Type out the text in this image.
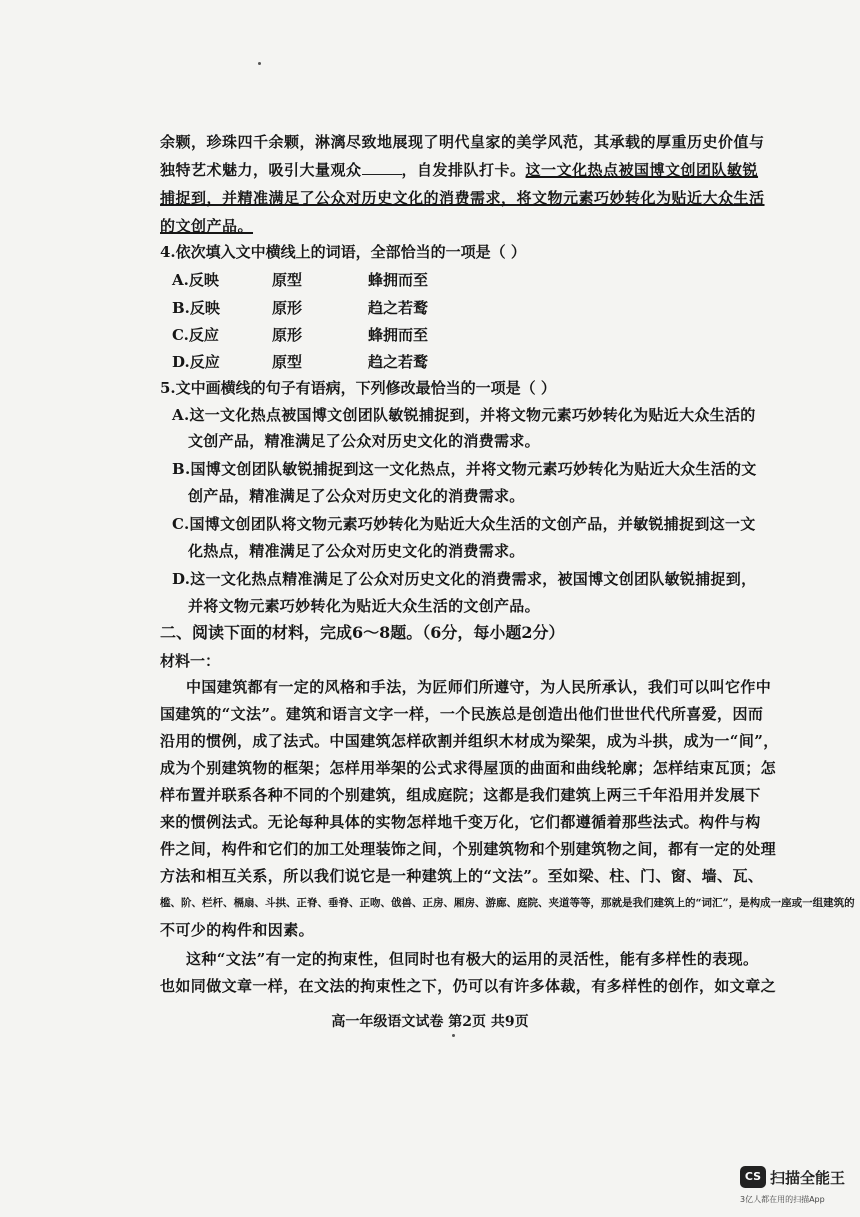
余颗，珍珠四千余颗，淋漓尽致地展现了明代皇家的美学风范，其承载的厚重历史价值与
独特艺术魅力，吸引大量观众	，自发排队打卡。这一文化热点被国博文创团队敏锐
捕捉到，并精准满足了公众对历史文化的消费需求，将文物元素巧妙转化为贴近大众生活
的文创产品。
4.依次填入文中横线上的词语，全部恰当的一项是（ ）
A.反映	原型	蜂拥而至
B.反映	原形	趋之若鹜
C.反应	原形	蜂拥而至
D.反应	原型	趋之若鹜
5.文中画横线的句子有语病，下列修改最恰当的一项是（ ）
A.这一文化热点被国博文创团队敏锐捕捉到，并将文物元素巧妙转化为贴近大众生活的
文创产品，精准满足了公众对历史文化的消费需求。
B.国博文创团队敏锐捕捉到这一文化热点，并将文物元素巧妙转化为贴近大众生活的文
创产品，精准满足了公众对历史文化的消费需求。
C.国博文创团队将文物元素巧妙转化为贴近大众生活的文创产品，并敏锐捕捉到这一文
化热点，精准满足了公众对历史文化的消费需求。
D.这一文化热点精准满足了公众对历史文化的消费需求，被国博文创团队敏锐捕捉到，
并将文物元素巧妙转化为贴近大众生活的文创产品。
二、阅读下面的材料，完成6～8题。（6分，每小题2分）
材料一：
中国建筑都有一定的风格和手法，为匠师们所遵守，为人民所承认，我们可以叫它作中
国建筑的“文法”。建筑和语言文字一样，一个民族总是创造出他们世世代代所喜爱，因而
沿用的惯例，成了法式。中国建筑怎样砍割并组织木材成为梁架，成为斗拱，成为一“间”，
成为个别建筑物的框架；怎样用举架的公式求得屋顶的曲面和曲线轮廓；怎样结束瓦顶；怎
样布置并联系各种不同的个别建筑，组成庭院；这都是我们建筑上两三千年沿用并发展下
来的惯例法式。无论每种具体的实物怎样地千变万化，它们都遵循着那些法式。构件与构
件之间，构件和它们的加工处理装饰之间，个别建筑物和个别建筑物之间，都有一定的处理
方法和相互关系，所以我们说它是一种建筑上的“文法”。至如梁、柱、门、窗、墙、瓦、
槛、阶、栏杆、槅扇、斗拱、正脊、垂脊、正吻、戗兽、正房、厢房、游廊、庭院、夹道等等，那就是我们建筑上的“词汇”，是构成一座或一组建筑的
不可少的构件和因素。
这种“文法”有一定的拘束性，但同时也有极大的运用的灵活性，能有多样性的表现。
也如同做文章一样，在文法的拘束性之下，仍可以有许多体裁，有多样性的创作，如文章之
高一年级语文试卷 第2页 共9页
CS 扫描全能王
3亿人都在用的扫描App
